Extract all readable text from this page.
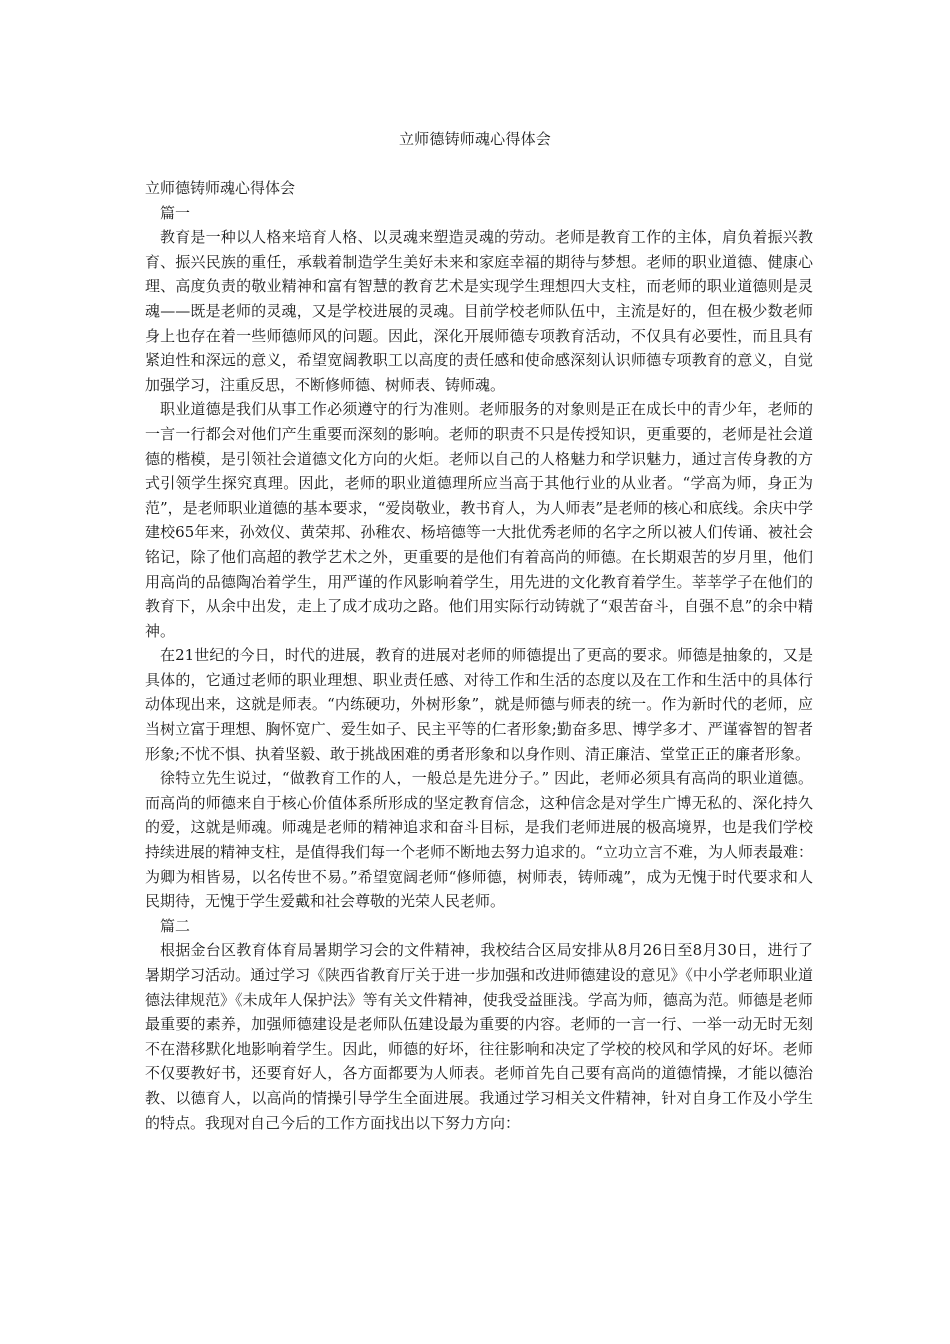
立师德铸师魂心得体会

立师德铸师魂心得体会

篇一

教育是一种以人格来培育人格、以灵魂来塑造灵魂的劳动。老师是教育工作的主体，肩负着振兴教育、振兴民族的重任，承载着制造学生美好未来和家庭幸福的期待与梦想。老师的职业道德、健康心理、高度负责的敬业精神和富有智慧的教育艺术是实现学生理想四大支柱，而老师的职业道德则是灵魂——既是老师的灵魂，又是学校进展的灵魂。目前学校老师队伍中，主流是好的，但在极少数老师身上也存在着一些师德师风的问题。因此，深化开展师德专项教育活动，不仅具有必要性，而且具有紧迫性和深远的意义，希望宽阔教职工以高度的责任感和使命感深刻认识师德专项教育的意义，自觉加强学习，注重反思，不断修师德、树师表、铸师魂。

职业道德是我们从事工作必须遵守的行为准则。老师服务的对象则是正在成长中的青少年，老师的一言一行都会对他们产生重要而深刻的影响。老师的职责不只是传授知识，更重要的，老师是社会道德的楷模，是引领社会道德文化方向的火炬。老师以自己的人格魅力和学识魅力，通过言传身教的方式引领学生探究真理。因此，老师的职业道德理所应当高于其他行业的从业者。“学高为师，身正为范”，是老师职业道德的基本要求，“爱岗敬业，教书育人，为人师表”是老师的核心和底线。余庆中学建校65年来，孙效仪、黄荣邦、孙稚农、杨培德等一大批优秀老师的名字之所以被人们传诵、被社会铭记，除了他们高超的教学艺术之外，更重要的是他们有着高尚的师德。在长期艰苦的岁月里，他们用高尚的品德陶冶着学生，用严谨的作风影响着学生，用先进的文化教育着学生。莘莘学子在他们的教育下，从余中出发，走上了成才成功之路。他们用实际行动铸就了“艰苦奋斗，自强不息”的余中精神。

在21世纪的今日，时代的进展，教育的进展对老师的师德提出了更高的要求。师德是抽象的，又是具体的，它通过老师的职业理想、职业责任感、对待工作和生活的态度以及在工作和生活中的具体行动体现出来，这就是师表。“内练硬功，外树形象”，就是师德与师表的统一。作为新时代的老师，应当树立富于理想、胸怀宽广、爱生如子、民主平等的仁者形象;勤奋多思、博学多才、严谨睿智的智者形象;不忧不惧、执着坚毅、敢于挑战困难的勇者形象和以身作则、清正廉洁、堂堂正正的廉者形象。

徐特立先生说过，“做教育工作的人，一般总是先进分子。” 因此，老师必须具有高尚的职业道德。而高尚的师德来自于核心价值体系所形成的坚定教育信念，这种信念是对学生广博无私的、深化持久的爱，这就是师魂。师魂是老师的精神追求和奋斗目标，是我们老师进展的极高境界，也是我们学校持续进展的精神支柱，是值得我们每一个老师不断地去努力追求的。“立功立言不难，为人师表最难：为卿为相皆易，以名传世不易。”希望宽阔老师“修师德，树师表，铸师魂”，成为无愧于时代要求和人民期待，无愧于学生爱戴和社会尊敬的光荣人民老师。

篇二

根据金台区教育体育局暑期学习会的文件精神，我校结合区局安排从8月26日至8月30日，进行了暑期学习活动。通过学习《陕西省教育厅关于进一步加强和改进师德建设的意见》《中小学老师职业道德法律规范》《未成年人保护法》等有关文件精神，使我受益匪浅。学高为师，德高为范。师德是老师最重要的素养，加强师德建设是老师队伍建设最为重要的内容。老师的一言一行、一举一动无时无刻不在潜移默化地影响着学生。因此，师德的好坏，往往影响和决定了学校的校风和学风的好坏。老师不仅要教好书，还要育好人，各方面都要为人师表。老师首先自己要有高尚的道德情操，才能以德治教、以德育人，以高尚的情操引导学生全面进展。我通过学习相关文件精神，针对自身工作及小学生的特点。我现对自己今后的工作方面找出以下努力方向：
